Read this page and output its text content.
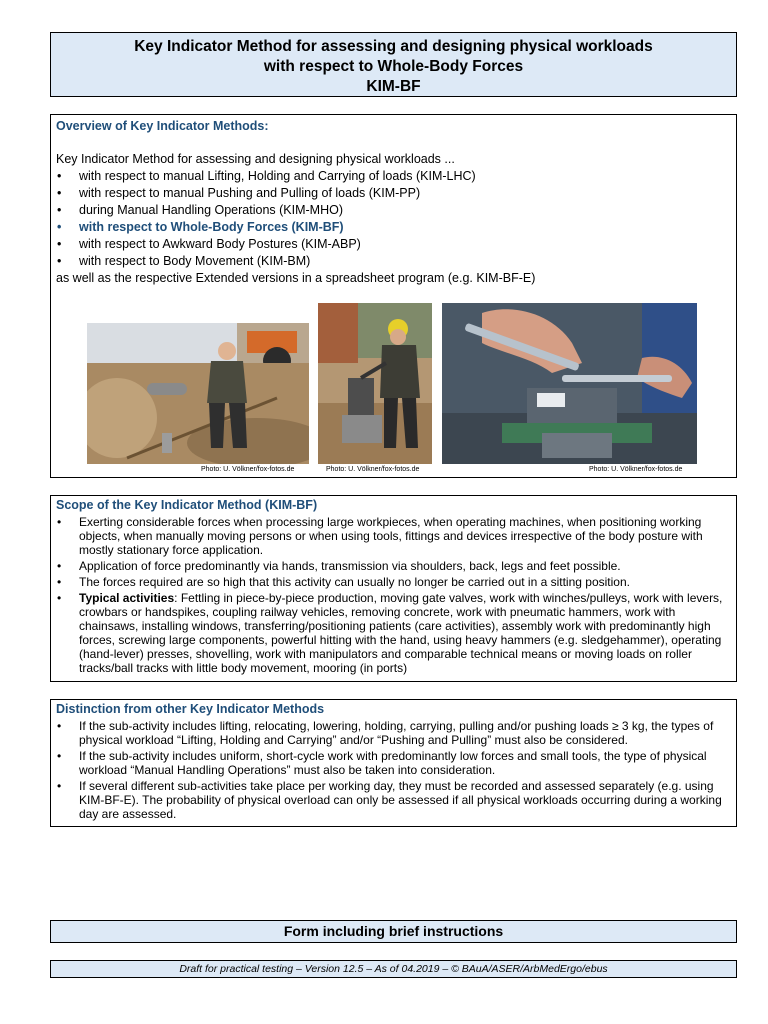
Key Indicator Method for assessing and designing physical workloads
with respect to Whole-Body Forces
KIM-BF
Overview of Key Indicator Methods:
Key Indicator Method for assessing and designing physical workloads ...
• with respect to manual Lifting, Holding and Carrying of loads (KIM-LHC)
• with respect to manual Pushing and Pulling of loads (KIM-PP)
• during Manual Handling Operations (KIM-MHO)
• with respect to Whole-Body Forces (KIM-BF)
• with respect to Awkward Body Postures (KIM-ABP)
• with respect to Body Movement (KIM-BM)
as well as the respective Extended versions in a spreadsheet program (e.g. KIM-BF-E)
Photo: U. Völkner/fox-fotos.de	Photo: U. Völkner/fox-fotos.de	Photo: U. Völkner/fox-fotos.de
Scope of the Key Indicator Method (KIM-BF)
• Exerting considerable forces when processing large workpieces, when operating machines, when positioning working objects, when manually moving persons or when using tools, fittings and devices irrespective of the body posture with mostly stationary force application.
• Application of force predominantly via hands, transmission via shoulders, back, legs and feet possible.
• The forces required are so high that this activity can usually no longer be carried out in a sitting position.
• Typical activities: Fettling in piece-by-piece production, moving gate valves, work with winches/pulleys, work with levers, crowbars or handspikes, coupling railway vehicles, removing concrete, work with pneumatic hammers, work with chainsaws, installing windows, transferring/positioning patients (care activities), assembly work with predominantly high forces, screwing large components, powerful hitting with the hand, using heavy hammers (e.g. sledgehammer), operating (hand-lever) presses, shovelling, work with manipulators and comparable technical means or moving loads on roller tracks/ball tracks with little body movement, mooring (in ports)
Distinction from other Key Indicator Methods
• If the sub-activity includes lifting, relocating, lowering, holding, carrying, pulling and/or pushing loads ≥ 3 kg, the types of physical workload “Lifting, Holding and Carrying” and/or “Pushing and Pulling” must also be considered.
• If the sub-activity includes uniform, short-cycle work with predominantly low forces and small tools, the type of physical workload “Manual Handling Operations” must also be taken into consideration.
• If several different sub-activities take place per working day, they must be recorded and assessed separately (e.g. using KIM-BF-E). The probability of physical overload can only be assessed if all physical workloads occurring during a working day are assessed.
Form including brief instructions
Draft for practical testing – Version 12.5 – As of 04.2019 – © BAuA/ASER/ArbMedErgo/ebus
